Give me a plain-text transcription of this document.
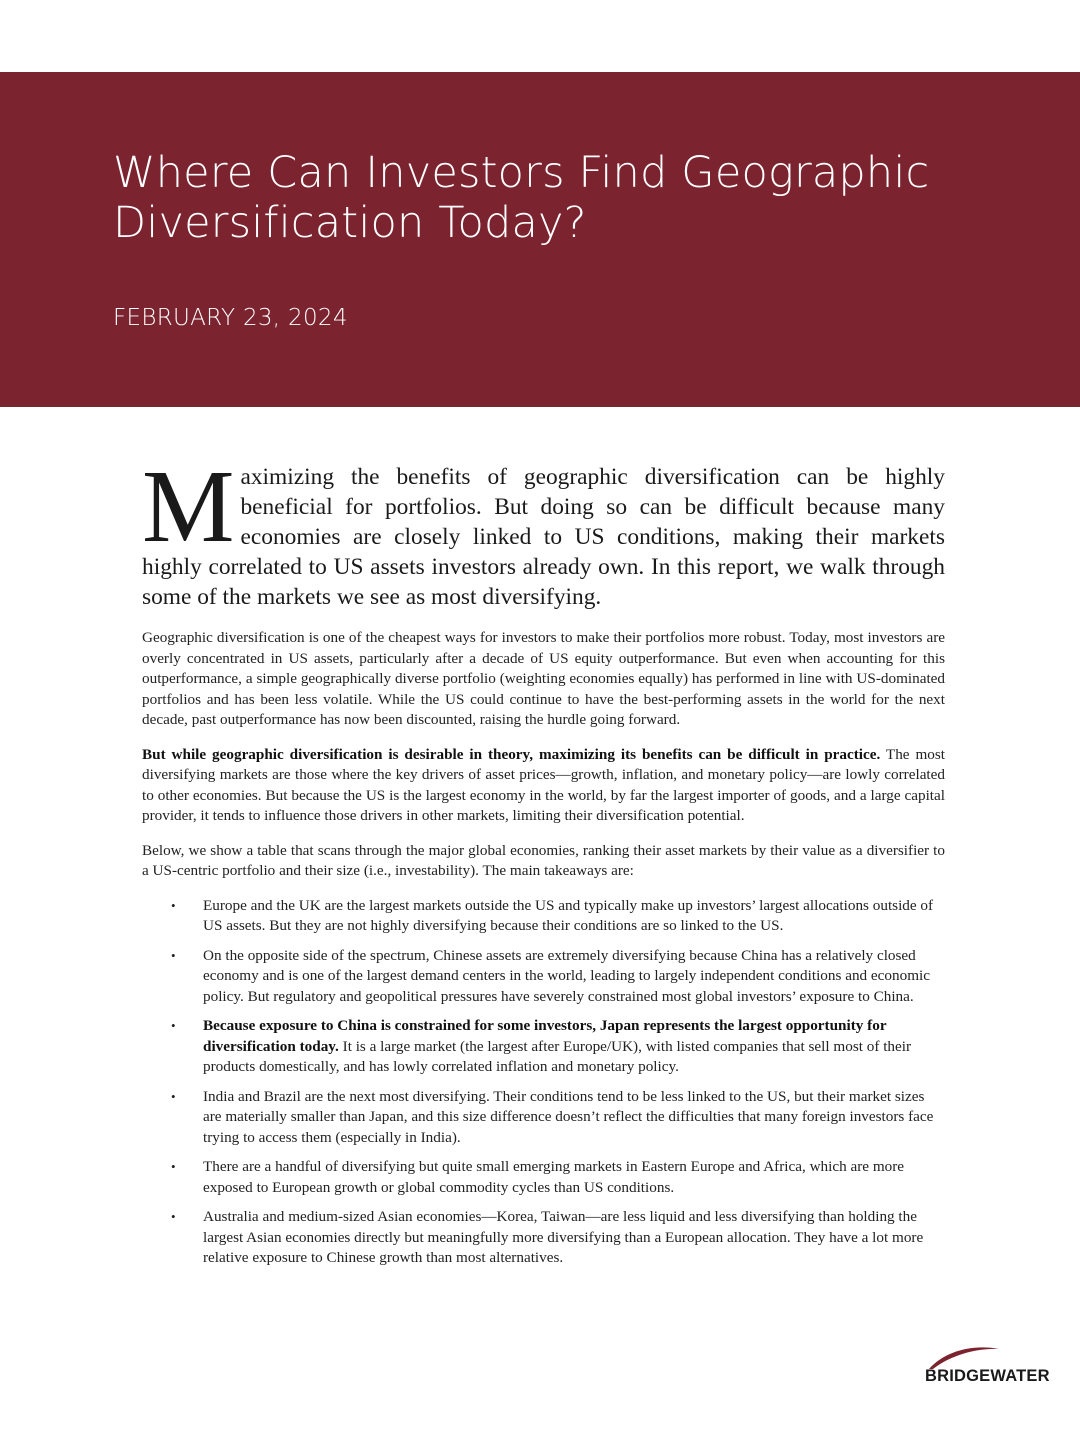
Where Can Investors Find Geographic Diversification Today?
FEBRUARY 23, 2024

Maximizing the benefits of geographic diversification can be highly beneficial for portfolios. But doing so can be difficult because many economies are closely linked to US conditions, making their markets highly correlated to US assets investors already own. In this report, we walk through some of the markets we see as most diversifying.

Geographic diversification is one of the cheapest ways for investors to make their portfolios more robust. Today, most investors are overly concentrated in US assets, particularly after a decade of US equity outperformance. But even when accounting for this outperformance, a simple geographically diverse portfolio (weighting economies equally) has performed in line with US-dominated portfolios and has been less volatile. While the US could continue to have the best-performing assets in the world for the next decade, past outperformance has now been discounted, raising the hurdle going forward.

But while geographic diversification is desirable in theory, maximizing its benefits can be difficult in practice. The most diversifying markets are those where the key drivers of asset prices—growth, inflation, and monetary policy—are lowly correlated to other economies. But because the US is the largest economy in the world, by far the largest importer of goods, and a large capital provider, it tends to influence those drivers in other markets, limiting their diversification potential.

Below, we show a table that scans through the major global economies, ranking their asset markets by their value as a diversifier to a US-centric portfolio and their size (i.e., investability). The main takeaways are:

• Europe and the UK are the largest markets outside the US and typically make up investors’ largest allocations outside of US assets. But they are not highly diversifying because their conditions are so linked to the US.
• On the opposite side of the spectrum, Chinese assets are extremely diversifying because China has a relatively closed economy and is one of the largest demand centers in the world, leading to largely independent conditions and economic policy. But regulatory and geopolitical pressures have severely constrained most global investors’ exposure to China.
• Because exposure to China is constrained for some investors, Japan represents the largest opportunity for diversification today. It is a large market (the largest after Europe/UK), with listed companies that sell most of their products domestically, and has lowly correlated inflation and monetary policy.
• India and Brazil are the next most diversifying. Their conditions tend to be less linked to the US, but their market sizes are materially smaller than Japan, and this size difference doesn’t reflect the difficulties that many foreign investors face trying to access them (especially in India).
• There are a handful of diversifying but quite small emerging markets in Eastern Europe and Africa, which are more exposed to European growth or global commodity cycles than US conditions.
• Australia and medium-sized Asian economies—Korea, Taiwan—are less liquid and less diversifying than holding the largest Asian economies directly but meaningfully more diversifying than a European allocation. They have a lot more relative exposure to Chinese growth than most alternatives.
BRIDGEWATER
